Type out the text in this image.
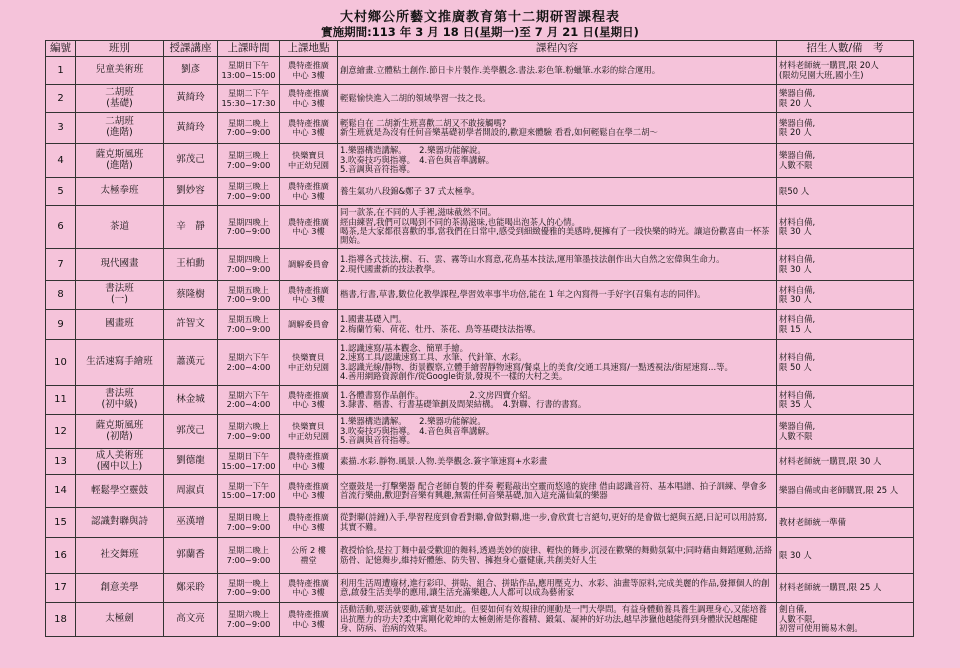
大村鄉公所藝文推廣教育第十二期研習課程表
實施期間:113 年 3 月 18 日(星期一)至 7 月 21 日(星期日)
編號	班別	授課講座	上課時間	上課地點	課程內容	招生人數/備　考
1	兒童美術班	劉彥	星期日下午
13:00~15:00	農特產推廣
中心 3樓	創意繪畫.立體粘土創作.節日卡片製作.美學觀念.書法.彩色筆.粉蠟筆.水彩的綜合運用。	材料老師統一購買,限 20人
(限幼兒園大班,國小生)
2	二胡班
(基礎)	黃綺玲	星期二下午
15:30~17:30	農特產推廣
中心 3樓	輕鬆愉快進入二胡的領域學習一技之長。	樂器自備,
限 20 人
3	二胡班
(進階)	黃綺玲	星期二晚上
7:00~9:00	農特產推廣
中心 3樓	輕鬆自在 二胡新生班喜歡二胡又不敢接觸嗎?
新生班就是為沒有任何音樂基礎初學者開設的,歡迎來體驗 看看,如何輕鬆自在學二胡～	樂器自備,
限 20 人
4	薩克斯風班
(進階)	郭茂己	星期三晚上
7:00~9:00	快樂寶貝
中正幼兒園	1.樂器構造講解。　　2.樂器功能解說。
3.吹奏技巧與指導。　4.音色與音準講解。
5.音調與音符指導。	樂器自備,
人數不限
5	太極拳班	劉妙容	星期三晚上
7:00~9:00	農特產推廣
中心 3樓	養生氣功八段錦&鄭子 37 式太極拳。	限50 人
6	茶道	辛　靜	星期四晚上
7:00~9:00	農特產推廣
中心 3樓	同一款茶,在不同的人手裡,滋味截然不同。
經由練習,我們可以喝到不同的茶湯滋味,也能喝出泡茶人的心情。
喝茶,是大家都很喜歡的事,當我們在日常中,感受到細緻優雅的美感時,便擁有了一段快樂的時光。讓這份歡喜由一杯茶開始。	材料自備,
限 30 人
7	現代國畫	王柏勳	星期四晚上
7:00~9:00	調解委員會	1.指導各式技法,樹、石、雲、霧等山水寫意,花鳥基本技法,運用筆墨技法創作出大自然之宏偉與生命力。
2.現代國畫新的技法教學。	材料自備,
限 30 人
8	書法班
(一)	蔡隆樹	星期五晚上
7:00~9:00	農特產推廣
中心 3樓	楷書,行書,草書,數位化教學課程,學習效率事半功倍,能在 1 年之內寫得一手好字(召集有志的同伴)。	材料自備,
限 30 人
9	國畫班	許智文	星期五晚上
7:00~9:00	調解委員會	1.國畫基礎入門。
2.梅蘭竹菊、荷花、牡丹、茶花、鳥等基礎技法指導。	材料自備,
限 15 人
10	生活速寫手繪班	蕭漢元	星期六下午
2:00~4:00	快樂寶貝
中正幼兒園	1.認識速寫/基本觀念、簡單手繪。
2.速寫工具/認識速寫工具、水筆、代針筆、水彩。
3.認識光線/靜物、街景觀察,立體手繪習靜物速寫/餐桌上的美食/交通工具速寫/一點透視法/街屋速寫...等。
4.善用網路資源創作/從Google街景,發現不一樣的大村之美。	材料自備,
限 50 人
11	書法班
(初中級)	林金城	星期六下午
2:00~4:00	農特產推廣
中心 3樓	1.各體書寫作品創作。　　　　　　2.文房四寶介紹。
3.隸書、楷書、行書基礎筆劃及間架結構。　4.對聯、行書的書寫。	材料自備,
限 35 人
12	薩克斯風班
(初階)	郭茂己	星期六晚上
7:00~9:00	快樂寶貝
中正幼兒園	1.樂器構造講解。　　2.樂器功能解說。
3.吹奏技巧與指導。　4.音色與音準講解。
5.音調與音符指導。	樂器自備,
人數不限
13	成人美術班
(國中以上)	劉德龍	星期日下午
15:00~17:00	農特產推廣
中心 3樓	素描.水彩.靜物.風景.人物.美學觀念.簽字筆速寫+水彩畫	材料老師統一購買,限 30 人
14	輕鬆學空靈鼓	周淑貞	星期一下午
15:00~17:00	農特產推廣
中心 3樓	空靈鼓是一打擊樂器 配合老師自製的伴奏 輕鬆敲出空靈而悠遠的旋律 借由認識音符、基本唱譜、拍子訓練、學會多首流行樂曲,歡迎對音樂有興趣,無需任何音樂基礎,加入這充滿仙氣的樂器	樂器自備或由老師購買,限 25 人
15	認識對聯與詩	巫漢增	星期日晚上
7:00~9:00	農特產推廣
中心 3樓	從對聯(詩鐘)入手,學習程度到會看對聯,會做對聯,進一步,會欣賞七言絕句,更好的是會做七絕與五絕,日記可以用詩寫,其實不難。	教材老師統一準備
16	社交舞班	郭蘭香	星期二晚上
7:00~9:00	公所 2 樓
禮堂	教授恰恰,是拉丁舞中最受歡迎的舞料,透過美妙的旋律、輕快的舞步,沉浸在歡樂的舞動氛氣中;同時藉由舞蹈運動,活絡筋骨、記憶舞步,維持好體態、防失智、擁抱身心靈健康,共創美好人生	限 30 人
17	創意美學	鄭采聆	星期一晚上
7:00~9:00	農特產推廣
中心 3樓	利用生活周遭廢材,進行彩印、拼貼、組合、拼貼作品,應用壓克力、水彩、油畫等原料,完成美麗的作品,發揮個人的創意,啟發生活美學的應用,讓生活充滿樂趣,人人都可以成為藝術家	材料老師統一購買,限 25 人
18	太極劍	高文亮	星期六晚上
7:00~9:00	農特產推廣
中心 3樓	活動活動,要活就要動,確實是如此。但要如何有效規律的運動是一門大學問。有益身體動養具養生調理身心,又能培養出抗壓力的功夫?柔中寓剛化乾坤的太極劍術是你養精、鍛氣、凝神的好功法,越早涉獵他越能得到身體狀況越醒健身、防病、治病的效果。	劍自備,
人數不限,
初習可使用簡易木劍。
